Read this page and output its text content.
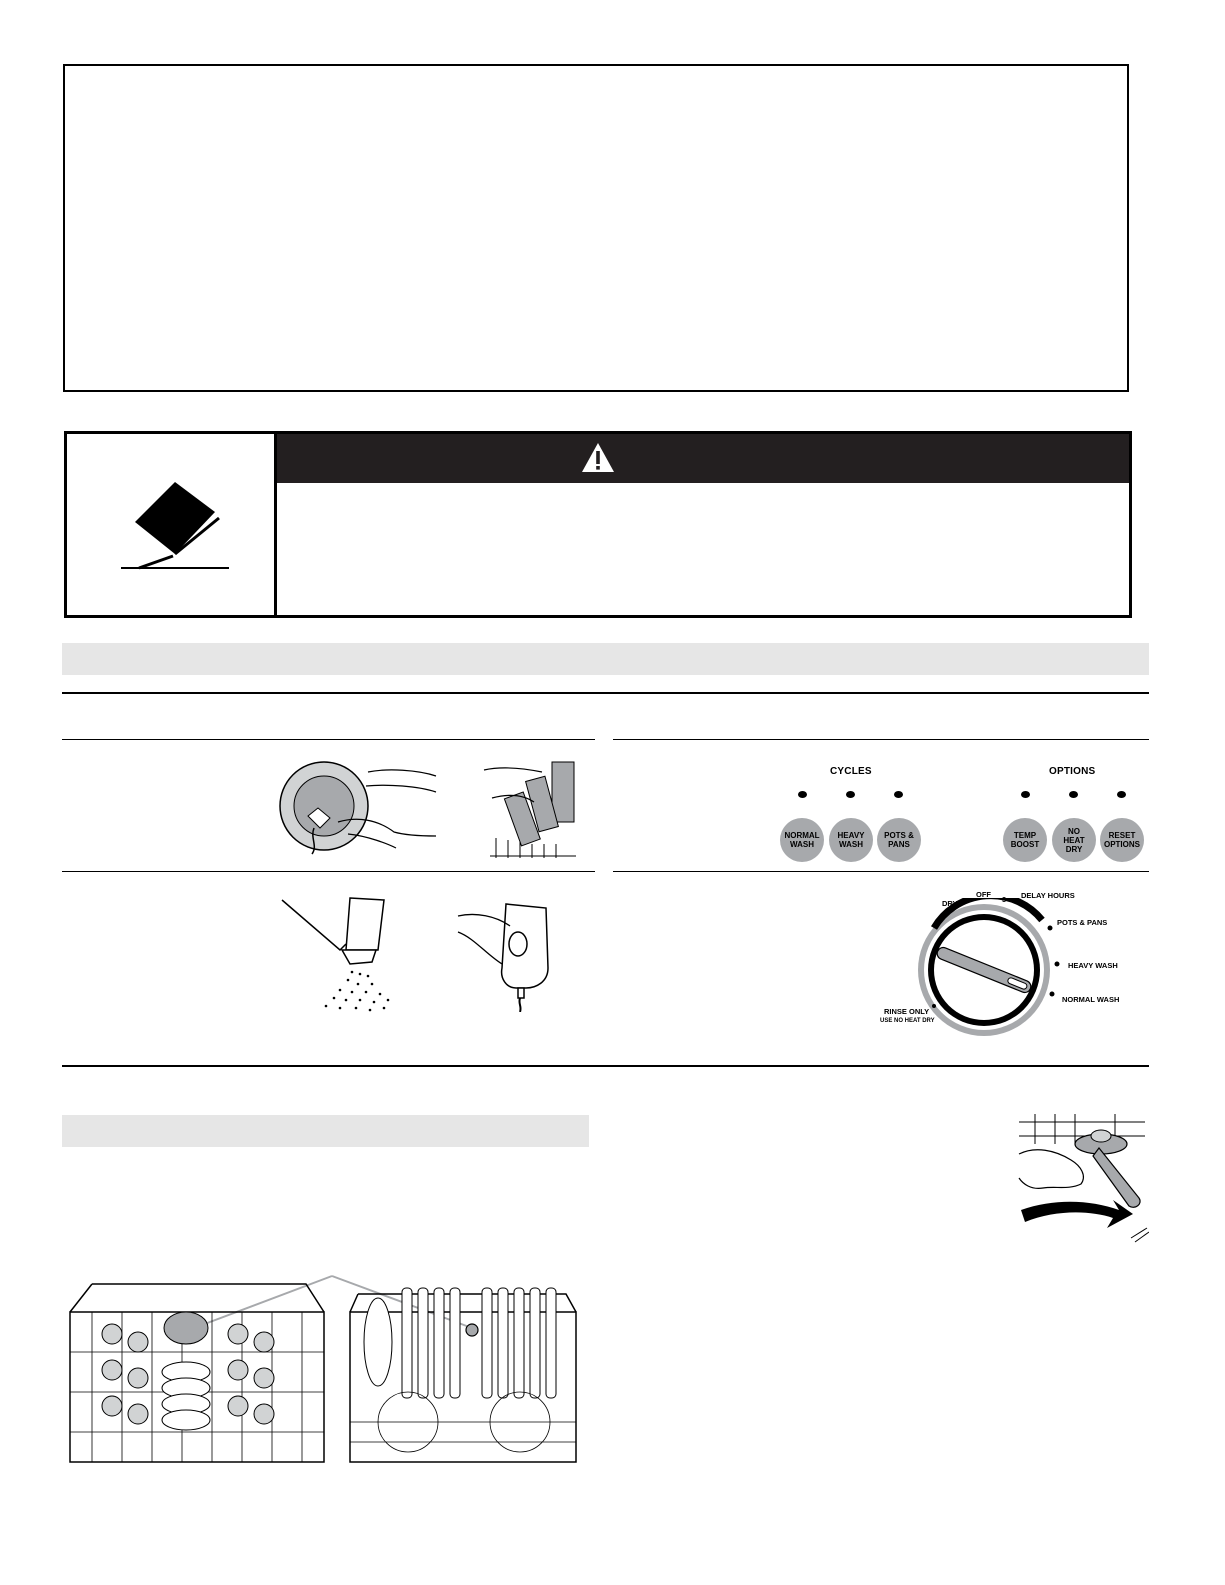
CYCLES	OPTIONS
NORMAL
WASH
HEAVY
WASH
POTS &
PANS
TEMP
BOOST
NO
HEAT
DRY
RESET
OPTIONS
DRY
OFF
3 2
1
DELAY HOURS
POTS & PANS
HEAVY WASH
NORMAL WASH
RINSE ONLY
USE NO HEAT DRY
